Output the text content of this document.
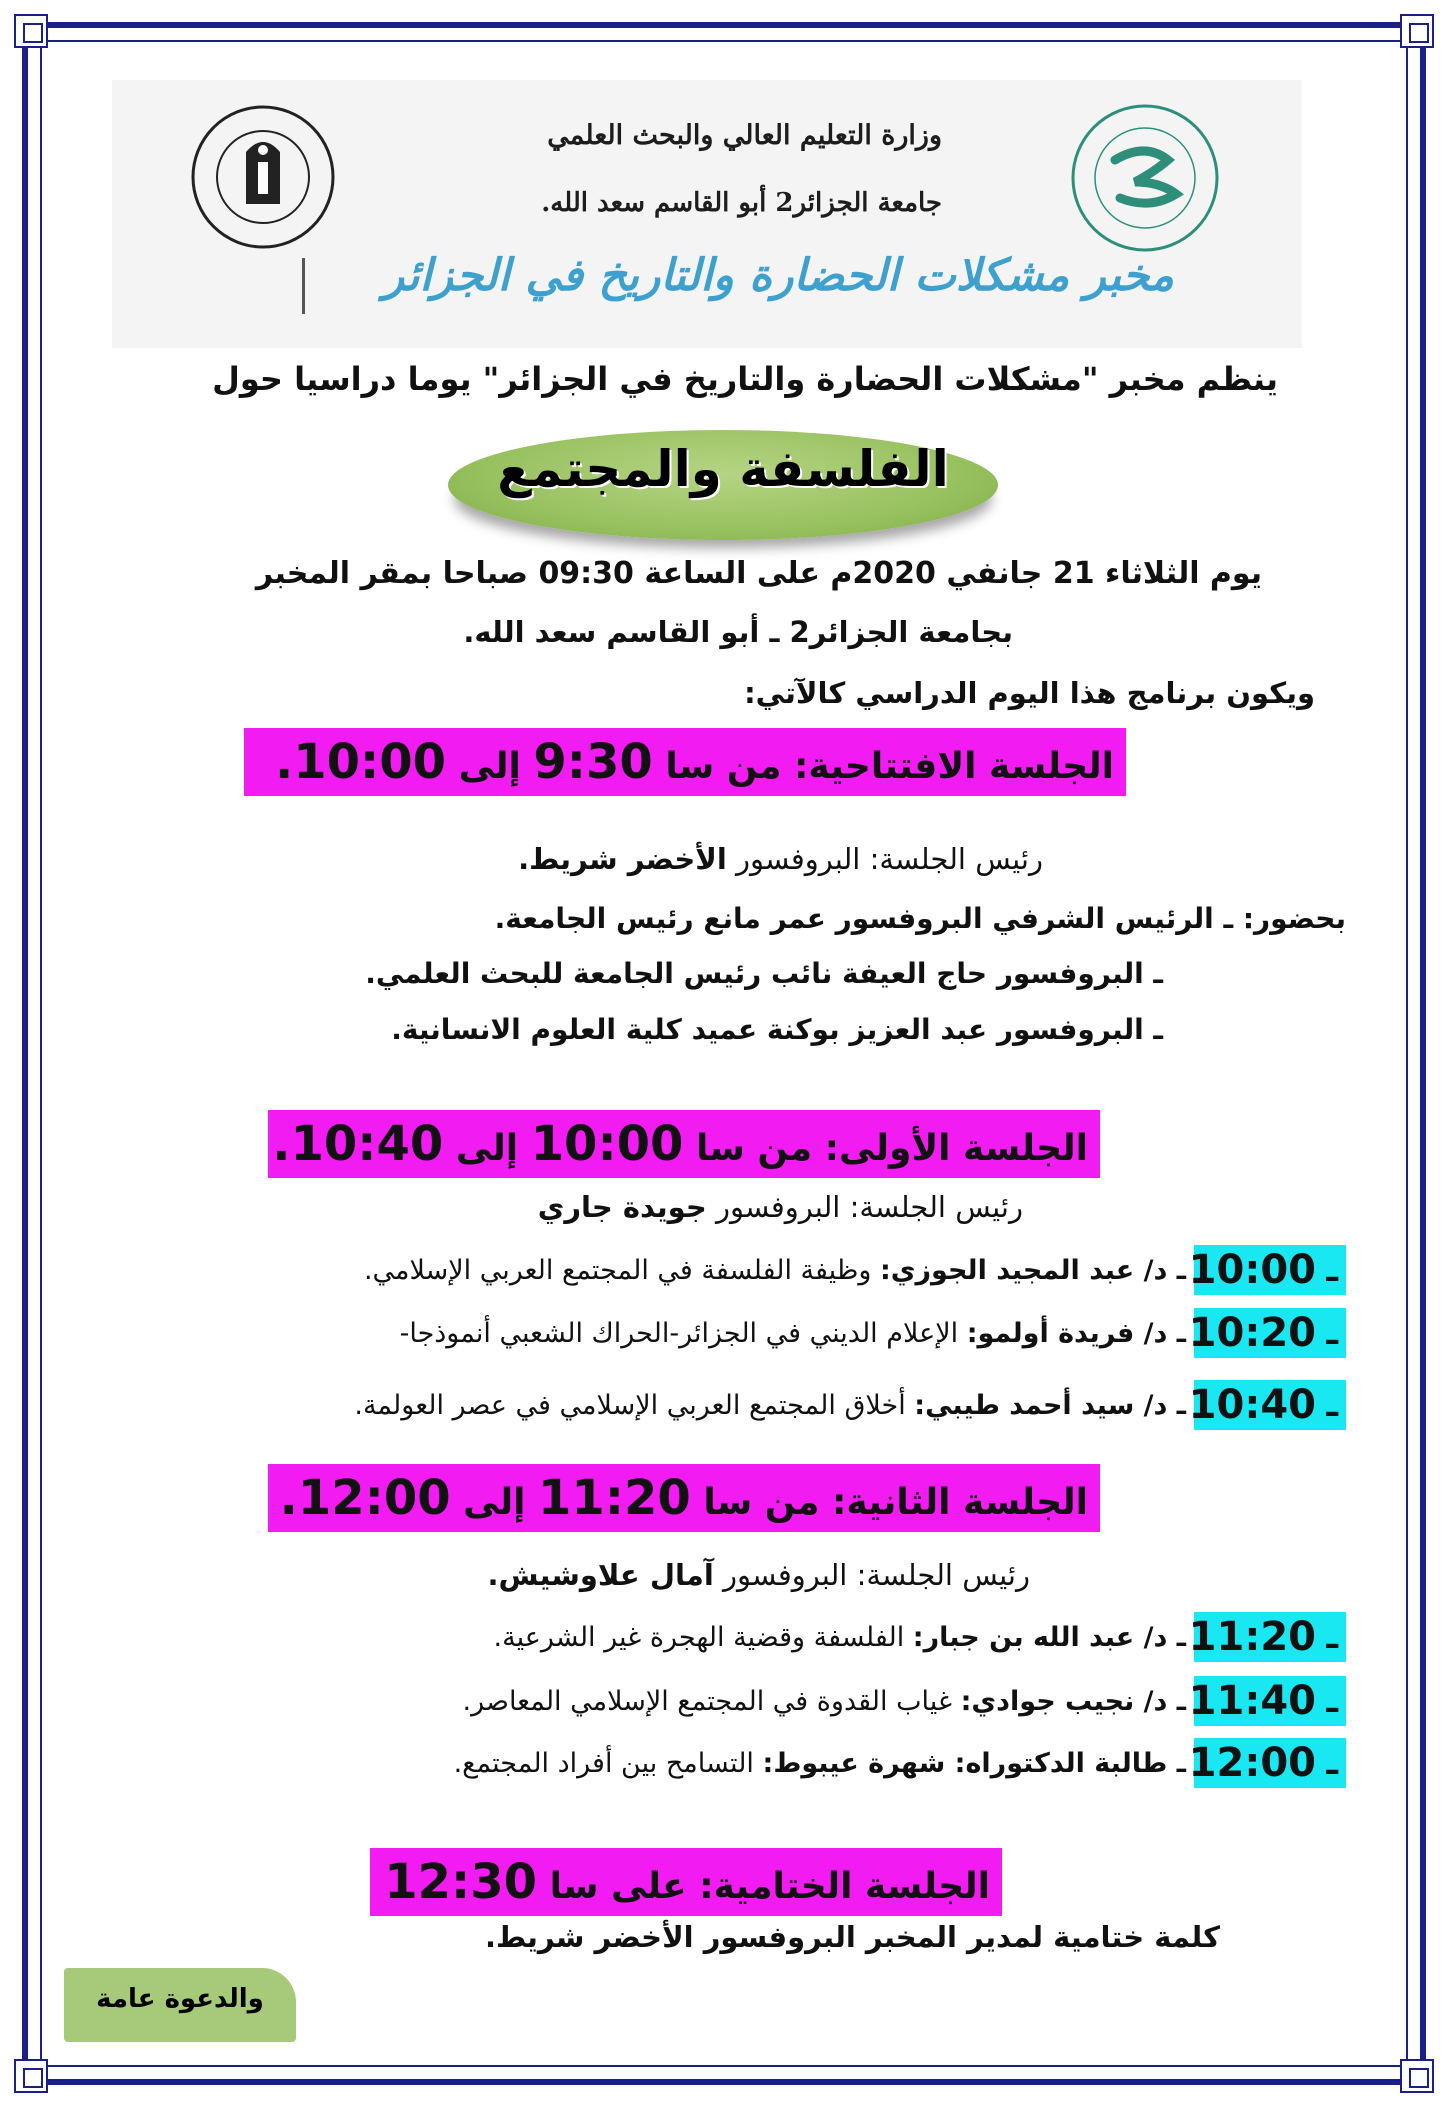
وزارة التعليم العالي والبحث العلمي
جامعة الجزائر2 أبو القاسم سعد الله.
مخبر مشكلات الحضارة والتاريخ في الجزائر
ينظم مخبر "مشكلات الحضارة والتاريخ في الجزائر" يوما دراسيا حول
الفلسفة والمجتمع
يوم الثلاثاء 21 جانفي 2020م على الساعة 09:30 صباحا بمقر المخبر
بجامعة الجزائر2 ـ أبو القاسم سعد الله.
ويكون برنامج هذا اليوم الدراسي كالآتي:
الجلسة الافتتاحية: من سا 9:30 إلى 10:00.
رئيس الجلسة: البروفسور الأخضر شريط.
بحضور: ـ الرئيس الشرفي البروفسور عمر مانع رئيس الجامعة.
ـ البروفسور حاج العيفة نائب رئيس الجامعة للبحث العلمي.
ـ البروفسور عبد العزيز بوكنة عميد كلية العلوم الانسانية.
الجلسة الأولى: من سا 10:00 إلى 10:40.
رئيس الجلسة: البروفسور جويدة جاري
ـ 10:00
ـ د/ عبد المجيد الجوزي: وظيفة الفلسفة في المجتمع العربي الإسلامي.
ـ 10:20
ـ د/ فريدة أولمو: الإعلام الديني في الجزائر-الحراك الشعبي أنموذجا-
ـ 10:40
ـ د/ سيد أحمد طيبي: أخلاق المجتمع العربي الإسلامي في عصر العولمة.
الجلسة الثانية: من سا 11:20 إلى 12:00.
رئيس الجلسة: البروفسور آمال علاوشيش.
ـ 11:20
ـ د/ عبد الله بن جبار: الفلسفة وقضية الهجرة غير الشرعية.
ـ 11:40
ـ د/ نجيب جوادي: غياب القدوة في المجتمع الإسلامي المعاصر.
ـ 12:00
ـ طالبة الدكتوراه: شهرة عيبوط: التسامح بين أفراد المجتمع.
الجلسة الختامية: على سا 12:30
كلمة ختامية لمدير المخبر البروفسور الأخضر شريط.
والدعوة عامة
